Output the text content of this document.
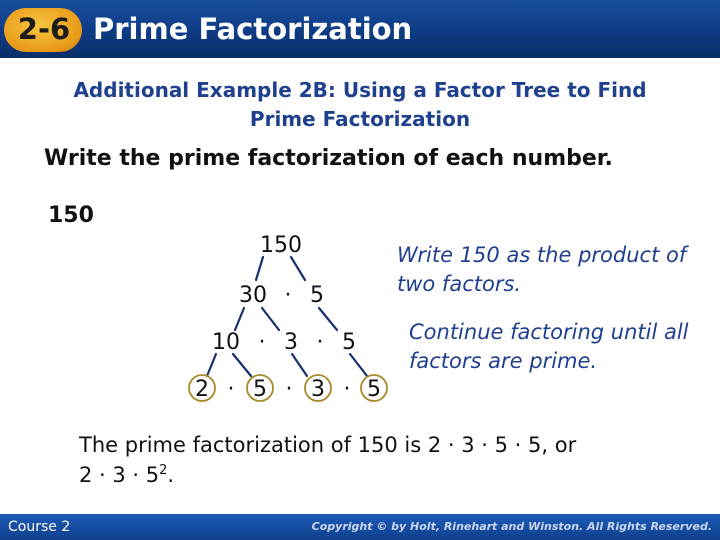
2-6 Prime Factorization
Additional Example 2B: Using a Factor Tree to Find
Prime Factorization
Write the prime factorization of each number.
150
150
30 · 5
10 · 3 · 5
2 · 5 · 3 · 5
Write 150 as the product of two factors.
Continue factoring until all factors are prime.
The prime factorization of 150 is 2 · 3 · 5 · 5, or
$2 \cdot 3 \cdot 5^2$.
Course 2	Copyright © by Holt, Rinehart and Winston. All Rights Reserved.
